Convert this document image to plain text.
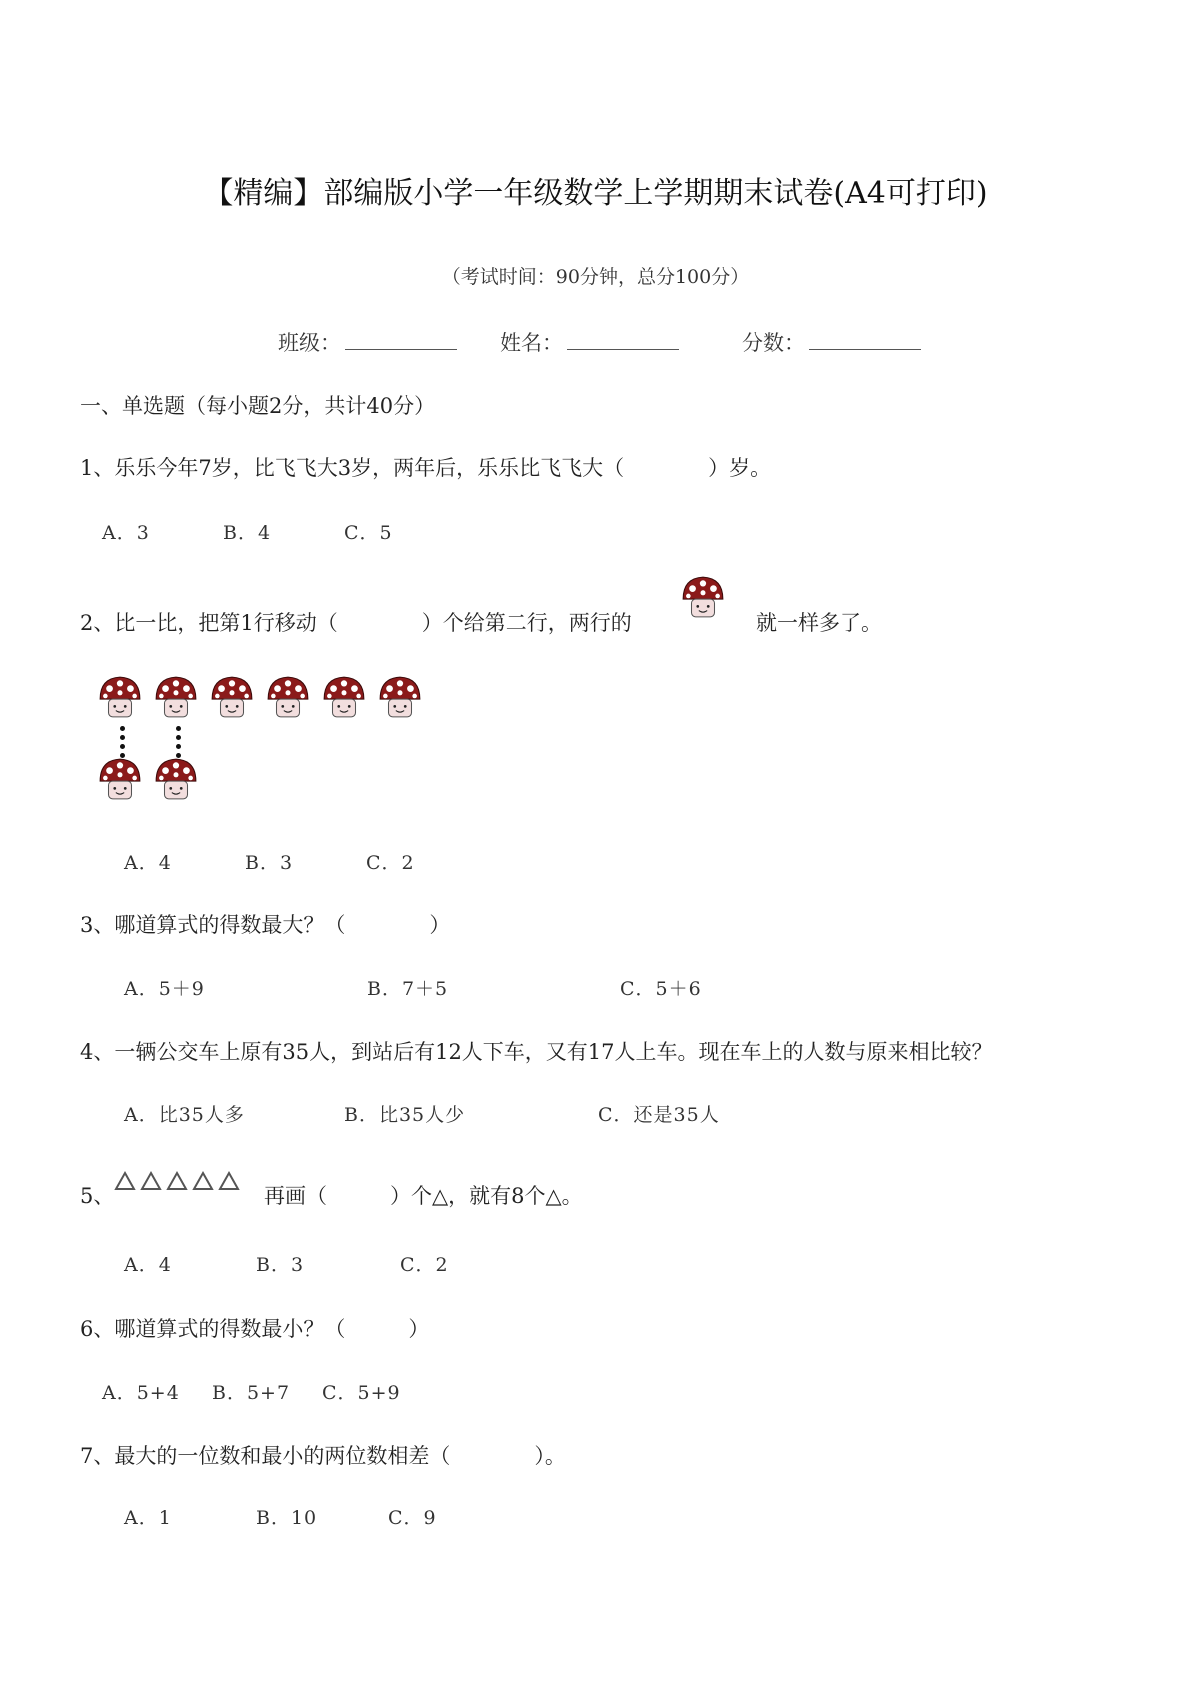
【精编】部编版小学一年级数学上学期期末试卷(A4可打印)
（考试时间：90分钟，总分100分）
班级：	姓名：	分数：
一、单选题（每小题2分，共计40分）
1、乐乐今年7岁，比飞飞大3岁，两年后，乐乐比飞飞大（　　　　）岁。
A．3	B．4	C．5
2、比一比，把第1行移动（　　　　）个给第二行，两行的	就一样多了。
A．4	B．3	C．2
3、哪道算式的得数最大？（　　　　）
A．5＋9	B．7＋5	C．5＋6
4、一辆公交车上原有35人，到站后有12人下车，又有17人上车。现在车上的人数与原来相比较？
A．比35人多	B．比35人少	C．还是35人
5、	再画（　　　）个△，就有8个△。
A．4	B．3	C．2
6、哪道算式的得数最小？（　　　）
A．5+4 B．5+7 C．5+9
7、最大的一位数和最小的两位数相差（　　　　）。
A．1	B．10	C．9
